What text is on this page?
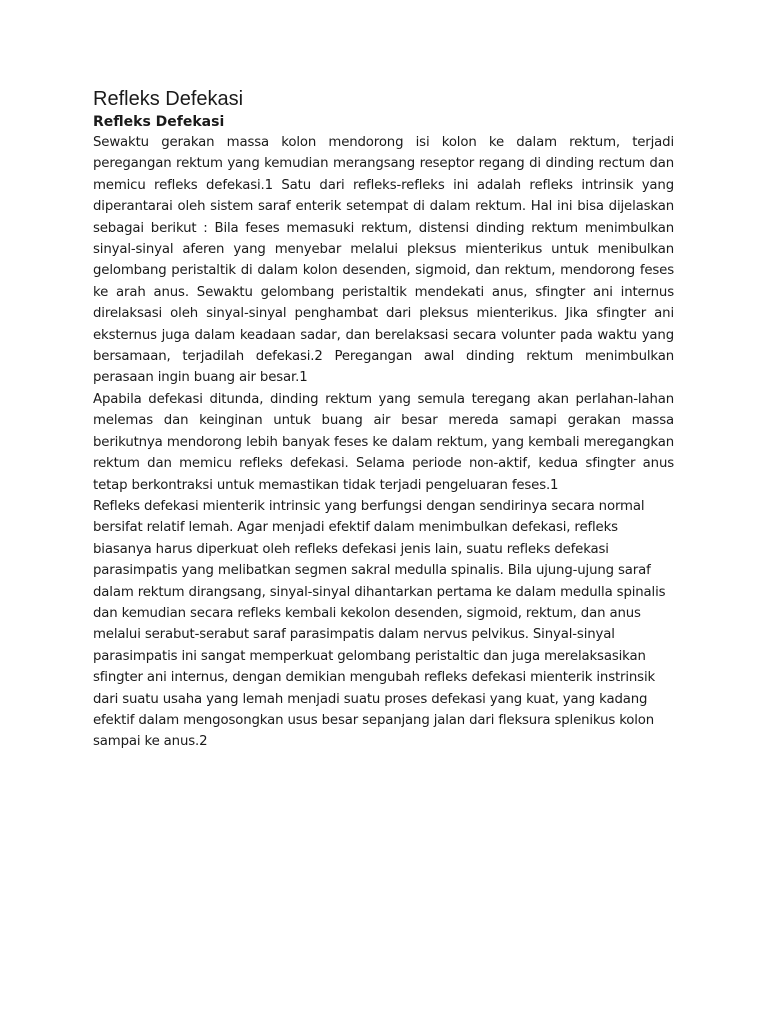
Refleks Defekasi
Refleks Defekasi

Sewaktu gerakan massa kolon mendorong isi kolon ke dalam rektum, terjadi peregangan rektum yang kemudian merangsang reseptor regang di dinding rectum dan memicu refleks defekasi.1 Satu dari refleks-refleks ini adalah refleks intrinsik yang diperantarai oleh sistem saraf enterik setempat di dalam rektum. Hal ini bisa dijelaskan sebagai berikut : Bila feses memasuki rektum, distensi dinding rektum menimbulkan sinyal-sinyal aferen yang menyebar melalui pleksus mienterikus untuk menibulkan gelombang peristaltik di dalam kolon desenden, sigmoid, dan rektum, mendorong feses ke arah anus. Sewaktu gelombang peristaltik mendekati anus, sfingter ani internus direlaksasi oleh sinyal-sinyal penghambat dari pleksus mienterikus. Jika sfingter ani eksternus juga dalam keadaan sadar, dan berelaksasi secara volunter pada waktu yang bersamaan, terjadilah defekasi.2 Peregangan awal dinding rektum menimbulkan perasaan ingin buang air besar.1

Apabila defekasi ditunda, dinding rektum yang semula teregang akan perlahan-lahan melemas dan keinginan untuk buang air besar mereda samapi gerakan massa berikutnya mendorong lebih banyak feses ke dalam rektum, yang kembali meregangkan rektum dan memicu refleks defekasi. Selama periode non-aktif, kedua sfingter anus tetap berkontraksi untuk memastikan tidak terjadi pengeluaran feses.1

Refleks defekasi mienterik intrinsic yang berfungsi dengan sendirinya secara normal bersifat relatif lemah. Agar menjadi efektif dalam menimbulkan defekasi, refleks biasanya harus diperkuat oleh refleks defekasi jenis lain, suatu refleks defekasi parasimpatis yang melibatkan segmen sakral medulla spinalis. Bila ujung-ujung saraf dalam rektum dirangsang, sinyal-sinyal dihantarkan pertama ke dalam medulla spinalis dan kemudian secara refleks kembali kekolon desenden, sigmoid, rektum, dan anus melalui serabut-serabut saraf parasimpatis dalam nervus pelvikus. Sinyal-sinyal parasimpatis ini sangat memperkuat gelombang peristaltic dan juga merelaksasikan sfingter ani internus, dengan demikian mengubah refleks defekasi mienterik instrinsik dari suatu usaha yang lemah menjadi suatu proses defekasi yang kuat, yang kadang efektif dalam mengosongkan usus besar sepanjang jalan dari fleksura splenikus kolon sampai ke anus.2
